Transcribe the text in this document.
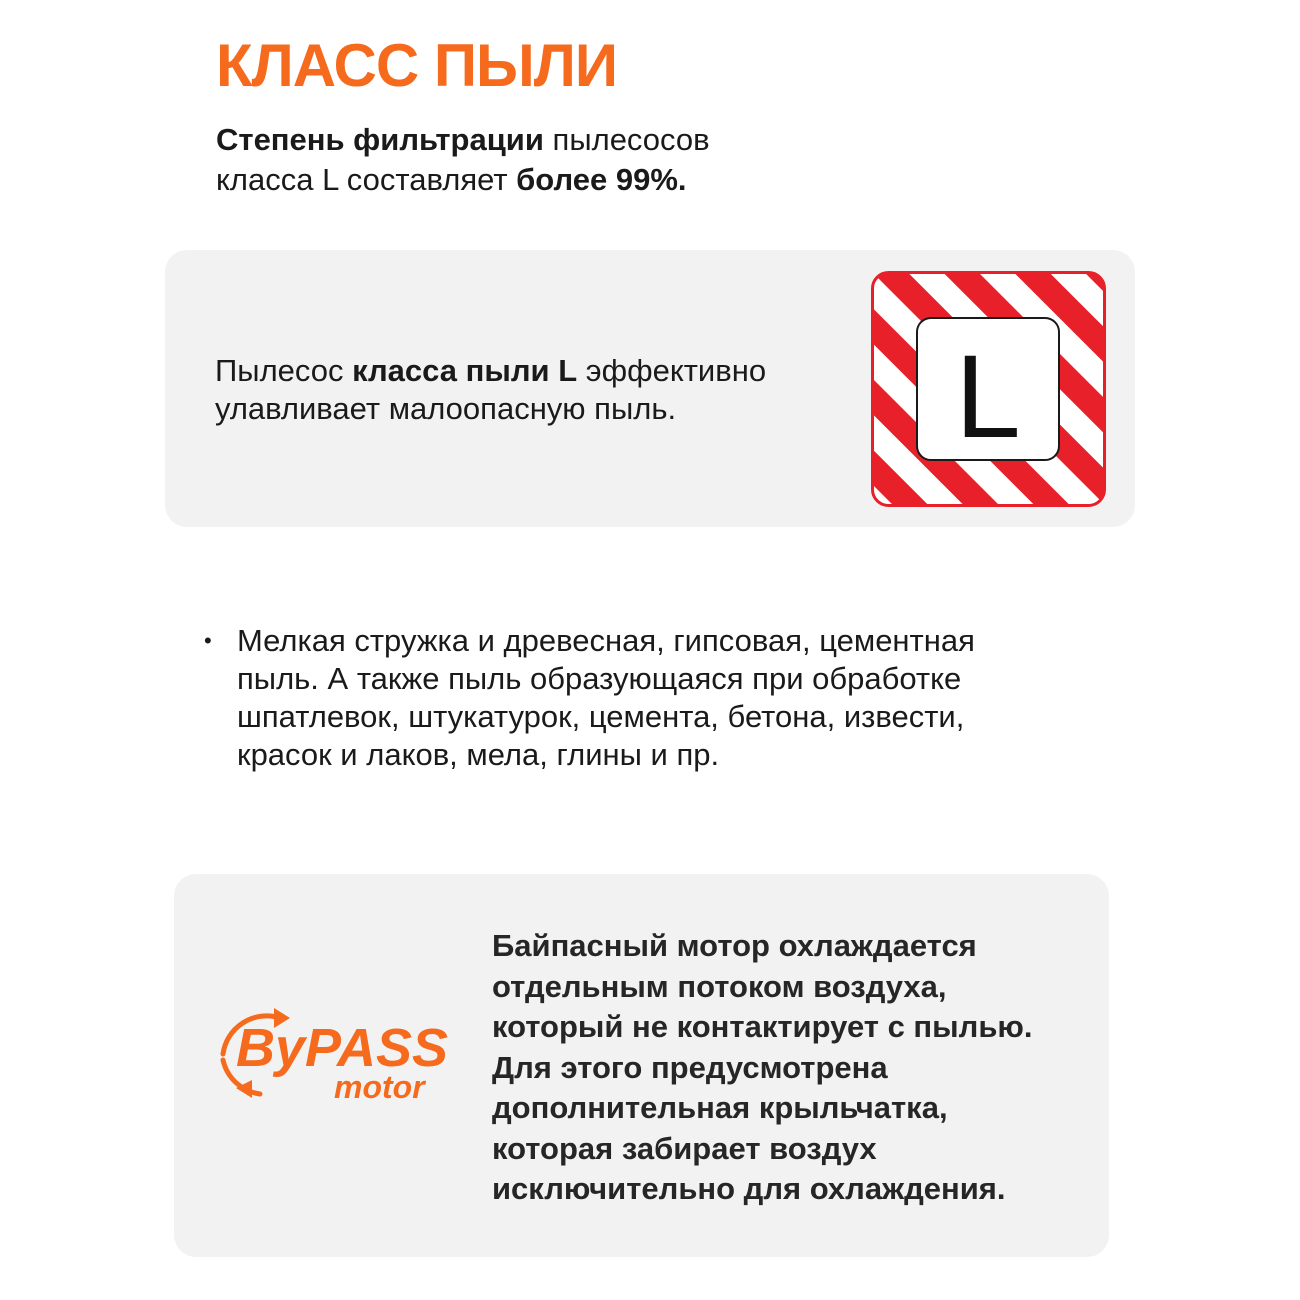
КЛАСС ПЫЛИ

Степень фильтрации пылесосов
класса L составляет более 99%.

Пылесос класса пыли L эффективно
улавливает малоопасную пыль.	L
• Мелкая стружка и древесная, гипсовая, цементная
пыль. А также пыль образующаяся при обработке
шпатлевок, штукатурок, цемента, бетона, извести,
красок и лаков, мела, глины и пр.
ByPASS
motor

Байпасный мотор охлаждается
отдельным потоком воздуха,
который не контактирует с пылью.
Для этого предусмотрена
дополнительная крыльчатка,
которая забирает воздух
исключительно для охлаждения.
